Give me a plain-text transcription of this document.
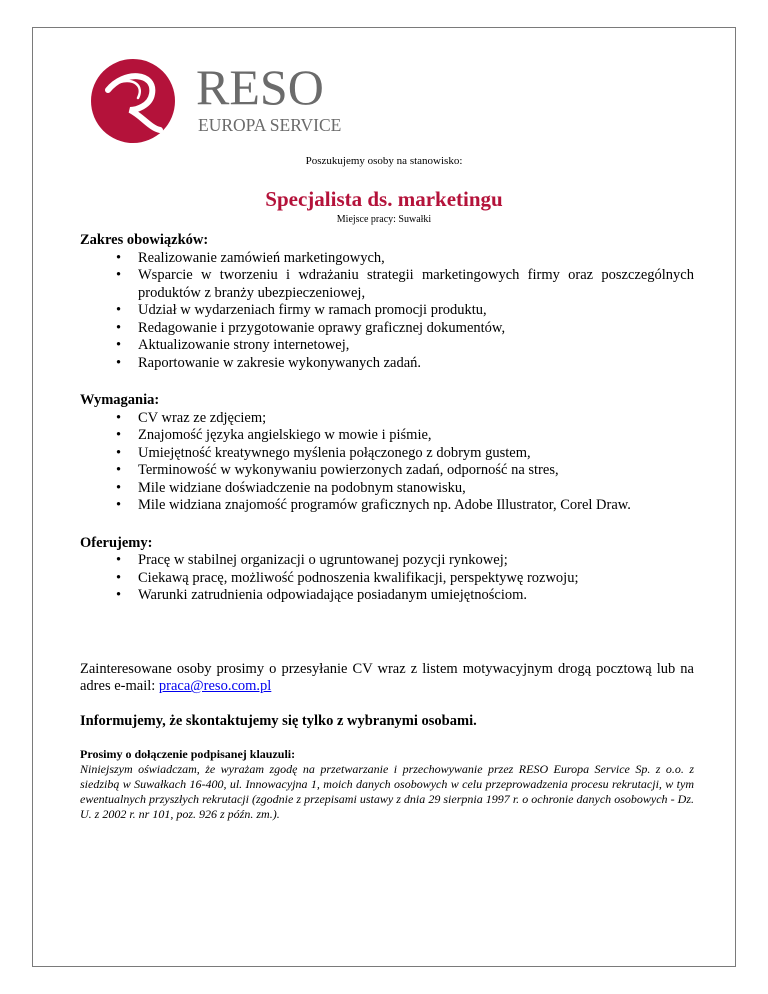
RESO
EUROPA SERVICE
Poszukujemy osoby na stanowisko:
Specjalista ds. marketingu
Miejsce pracy: Suwałki

Zakres obowiązków:

• Realizowanie zamówień marketingowych,
• Wsparcie w tworzeniu i wdrażaniu strategii marketingowych firmy oraz poszczególnych produktów z branży ubezpieczeniowej,
• Udział w wydarzeniach firmy w ramach promocji produktu,
• Redagowanie i przygotowanie oprawy graficznej dokumentów,
• Aktualizowanie strony internetowej,
• Raportowanie w zakresie wykonywanych zadań.

Wymagania:

• CV wraz ze zdjęciem;
• Znajomość języka angielskiego w mowie i piśmie,
• Umiejętność kreatywnego myślenia połączonego z dobrym gustem,
• Terminowość w wykonywaniu powierzonych zadań, odporność na stres,
• Mile widziane doświadczenie na podobnym stanowisku,
• Mile widziana znajomość programów graficznych np. Adobe Illustrator, Corel Draw.

Oferujemy:

• Pracę w stabilnej organizacji o ugruntowanej pozycji rynkowej;
• Ciekawą pracę, możliwość podnoszenia kwalifikacji, perspektywę rozwoju;
• Warunki zatrudnienia odpowiadające posiadanym umiejętnościom.

Zainteresowane osoby prosimy o przesyłanie CV wraz z listem motywacyjnym drogą pocztową lub na adres e-mail: praca@reso.com.pl

Informujemy, że skontaktujemy się tylko z wybranymi osobami.

Prosimy o dołączenie podpisanej klauzuli:

Niniejszym oświadczam, że wyrażam zgodę na przetwarzanie i przechowywanie przez RESO Europa Service Sp. z o.o. z siedzibą w Suwałkach 16-400, ul. Innowacyjna 1, moich danych osobowych w celu przeprowadzenia procesu rekrutacji, w tym ewentualnych przyszłych rekrutacji (zgodnie z przepisami ustawy z dnia 29 sierpnia 1997 r. o ochronie danych osobowych - Dz. U. z 2002 r. nr 101, poz. 926 z późn. zm.).
